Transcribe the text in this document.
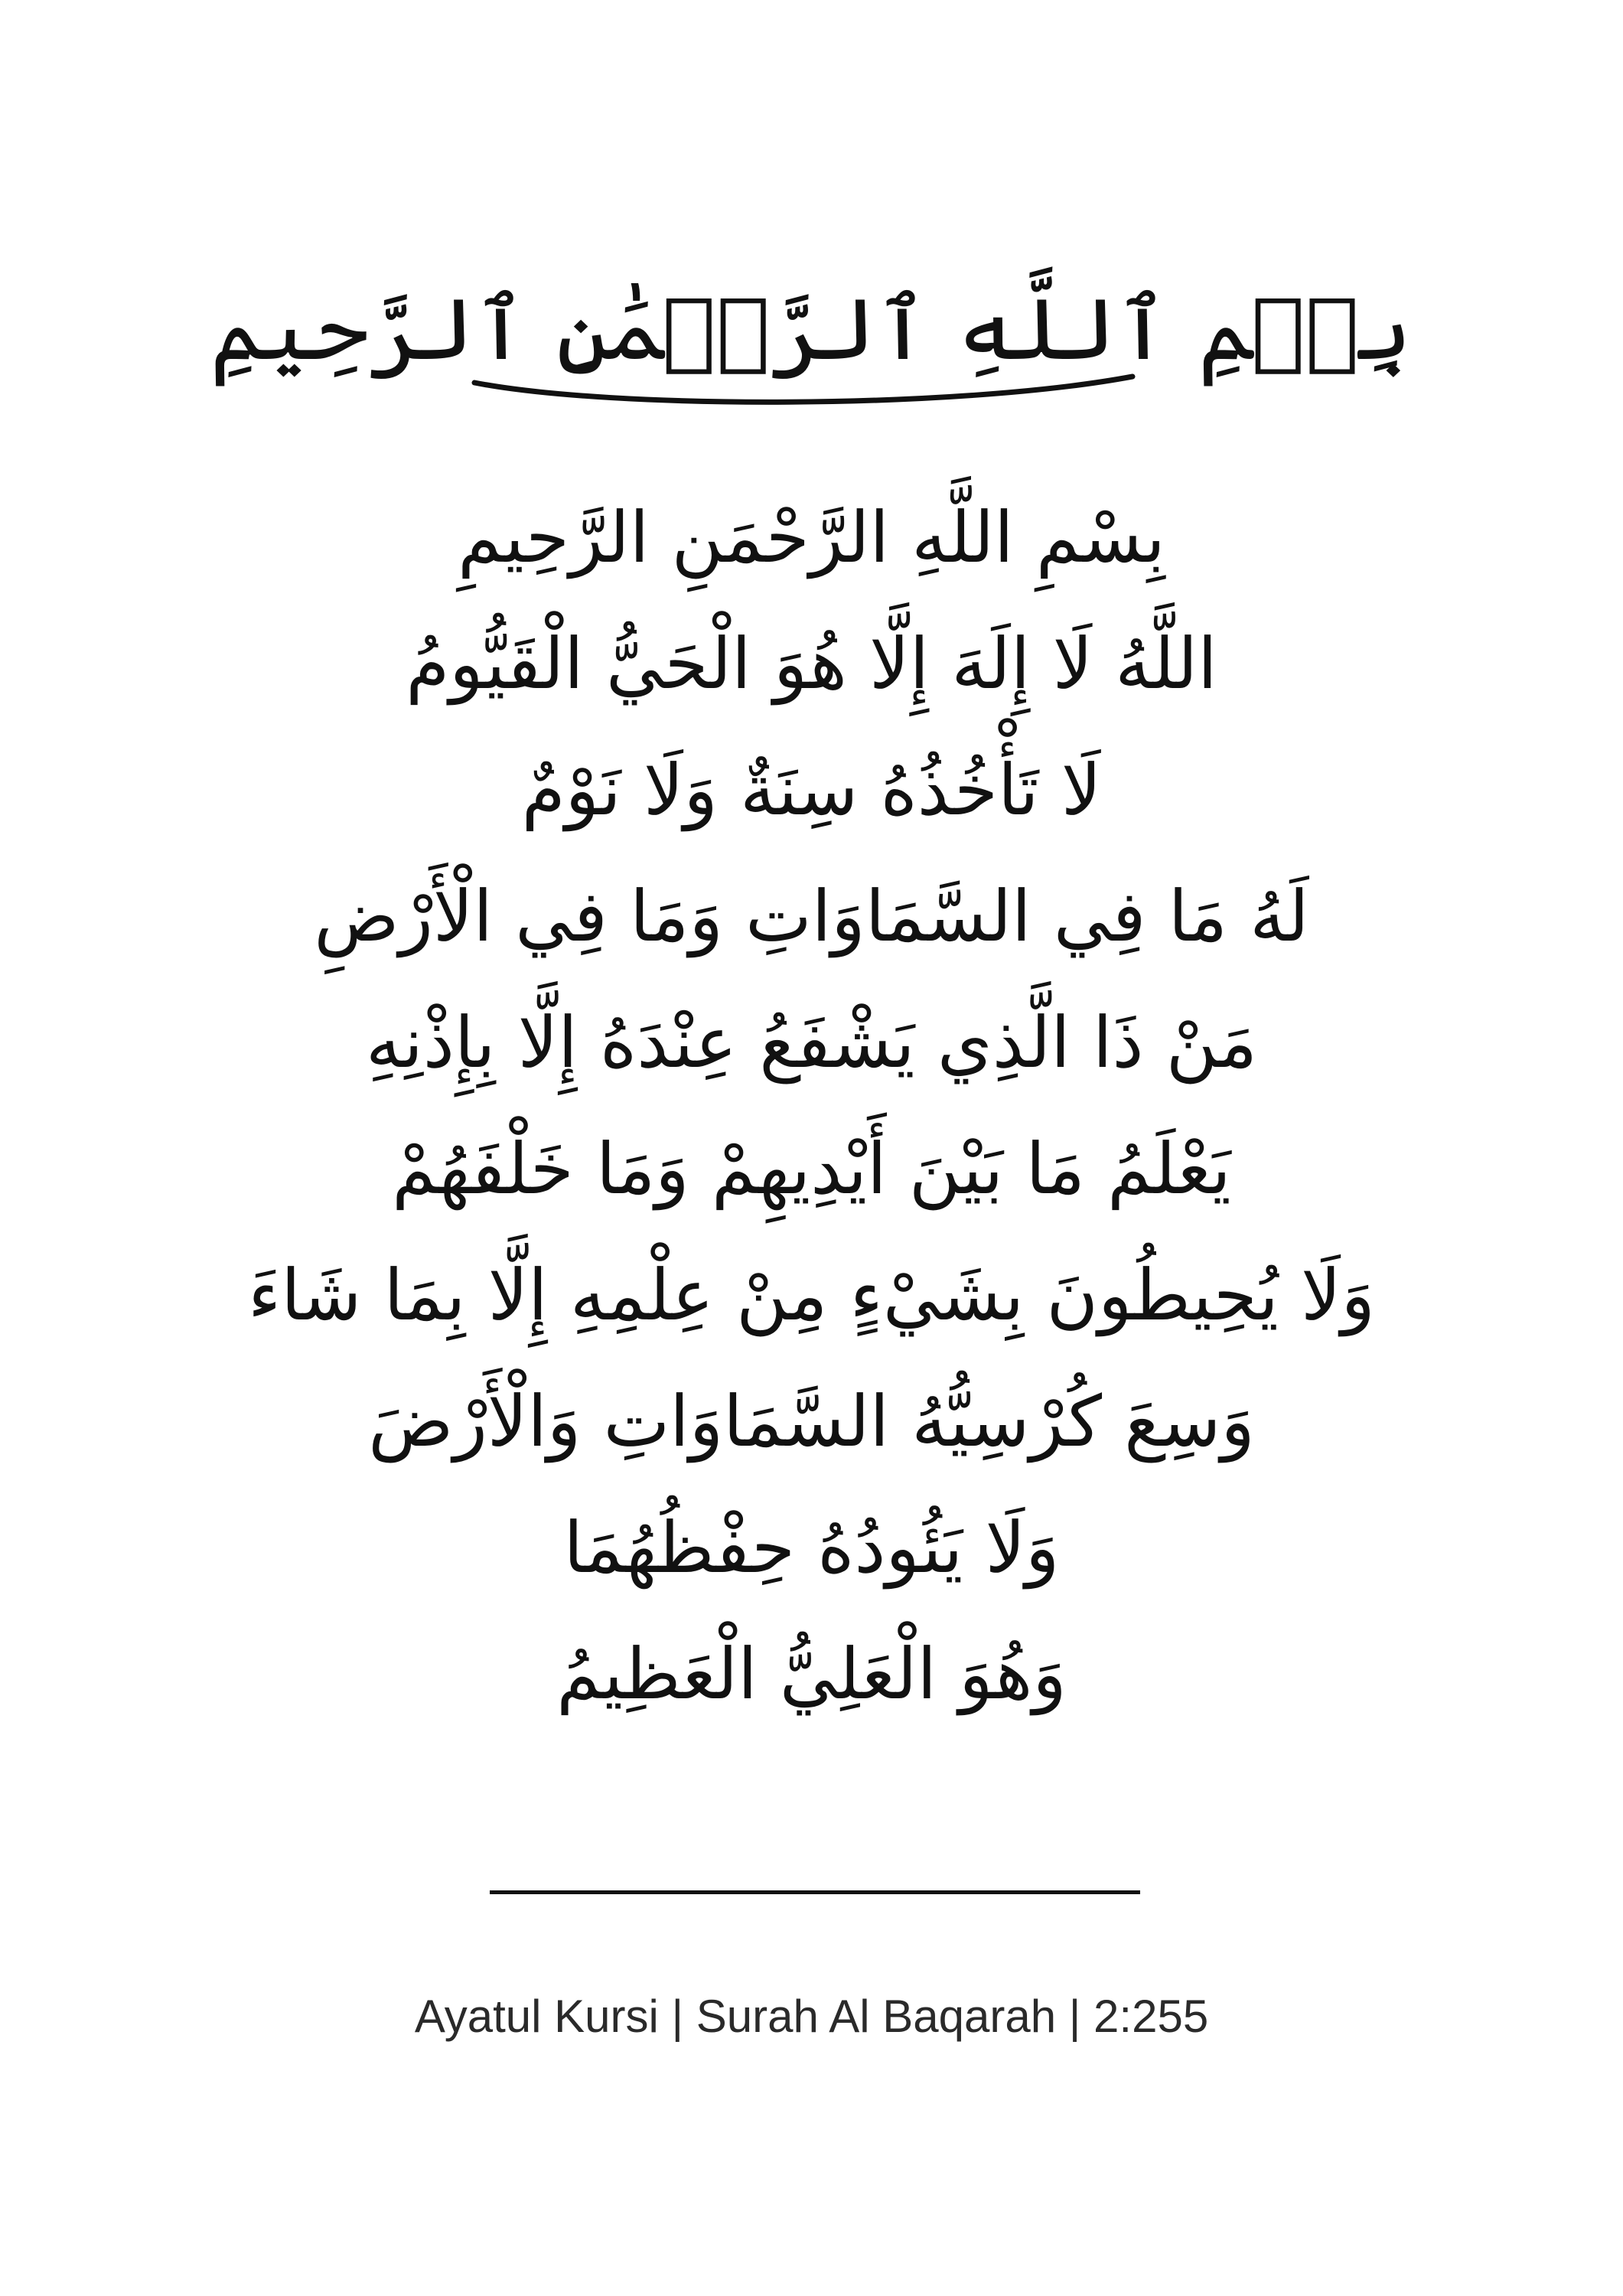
بِسۡمِ ٱللَّهِ ٱلرَّحۡمَٰنِ ٱلرَّحِيمِ
بِسْمِ اللَّهِ الرَّحْمَنِ الرَّحِيمِ
اللَّهُ لَا إِلَهَ إِلَّا هُوَ الْحَيُّ الْقَيُّومُ
لَا تَأْخُذُهُ سِنَةٌ وَلَا نَوْمٌ
لَهُ مَا فِي السَّمَاوَاتِ وَمَا فِي الْأَرْضِ
مَنْ ذَا الَّذِي يَشْفَعُ عِنْدَهُ إِلَّا بِإِذْنِهِ
يَعْلَمُ مَا بَيْنَ أَيْدِيهِمْ وَمَا خَلْفَهُمْ
وَلَا يُحِيطُونَ بِشَيْءٍ مِنْ عِلْمِهِ إِلَّا بِمَا شَاءَ
وَسِعَ كُرْسِيُّهُ السَّمَاوَاتِ وَالْأَرْضَ
وَلَا يَئُودُهُ حِفْظُهُمَا
وَهُوَ الْعَلِيُّ الْعَظِيمُ
Ayatul Kursi | Surah Al Baqarah | 2:255
